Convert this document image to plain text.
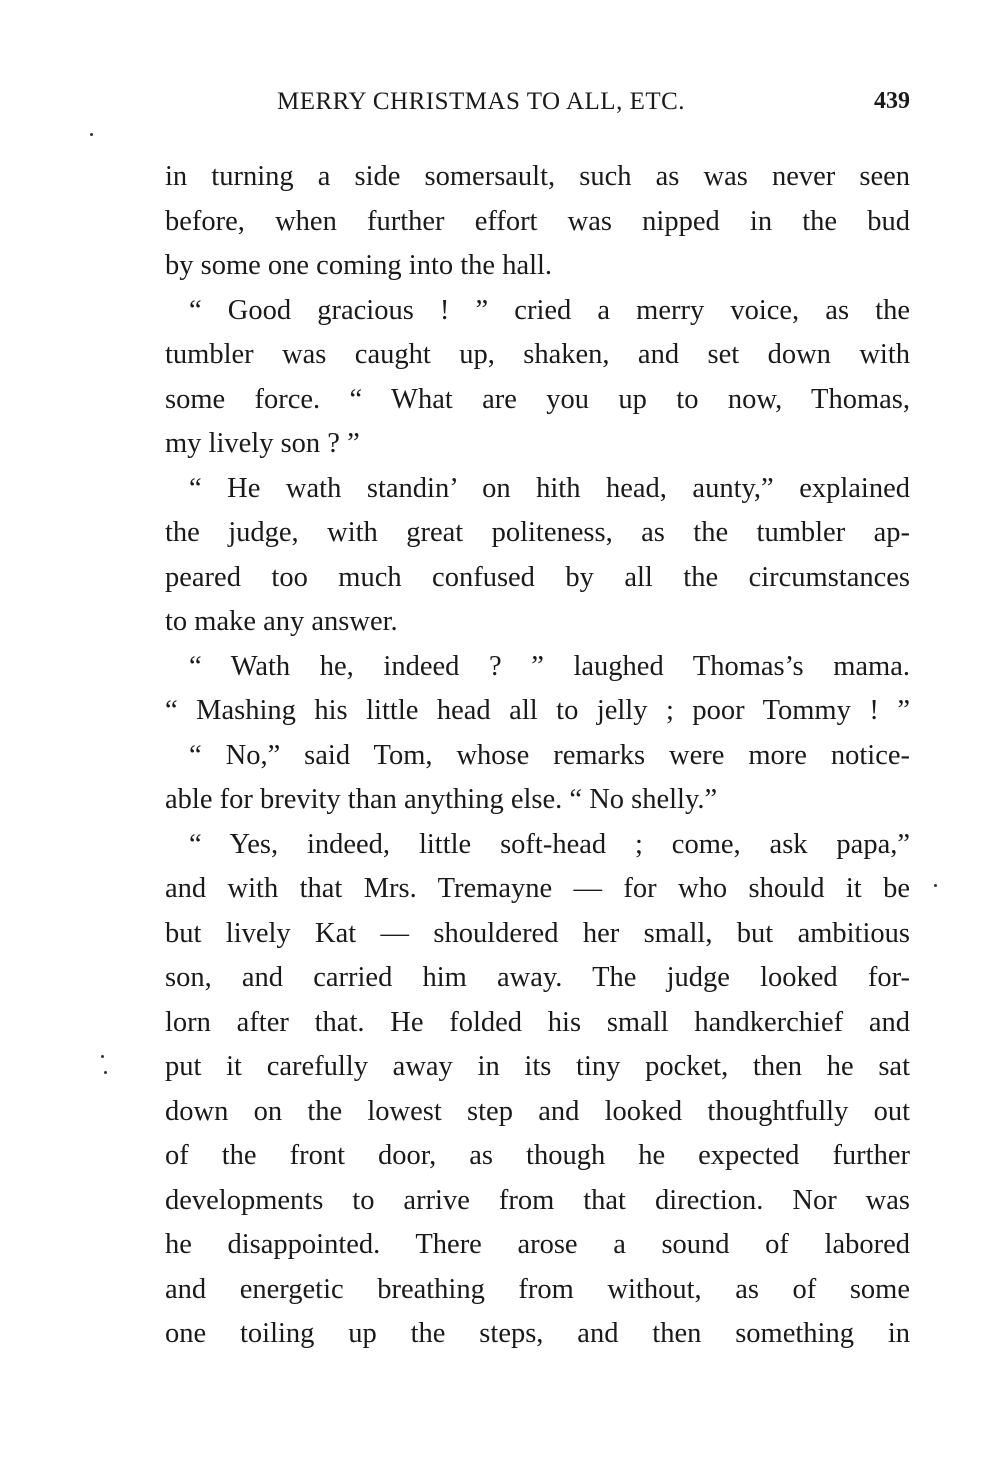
MERRY CHRISTMAS TO ALL, ETC.	439
in turning a side somersault, such as was never seen
before, when further effort was nipped in the bud
by some one coming into the hall.
“ Good gracious ! ” cried a merry voice, as the
tumbler was caught up, shaken, and set down with
some force. “ What are you up to now, Thomas,
my lively son ? ”
“ He wath standin’ on hith head, aunty,” explained
the judge, with great politeness, as the tumbler ap-
peared too much confused by all the circumstances
to make any answer.
“ Wath he, indeed ? ” laughed Thomas’s mama.
“ Mashing his little head all to jelly ; poor Tommy ! ”
“ No,” said Tom, whose remarks were more notice-
able for brevity than anything else. “ No shelly.”
“ Yes, indeed, little soft-head ; come, ask papa,”
and with that Mrs. Tremayne — for who should it be
but lively Kat — shouldered her small, but ambitious
son, and carried him away. The judge looked for-
lorn after that. He folded his small handkerchief and
put it carefully away in its tiny pocket, then he sat
down on the lowest step and looked thoughtfully out
of the front door, as though he expected further
developments to arrive from that direction. Nor was
he disappointed. There arose a sound of labored
and energetic breathing from without, as of some
one toiling up the steps, and then something in
